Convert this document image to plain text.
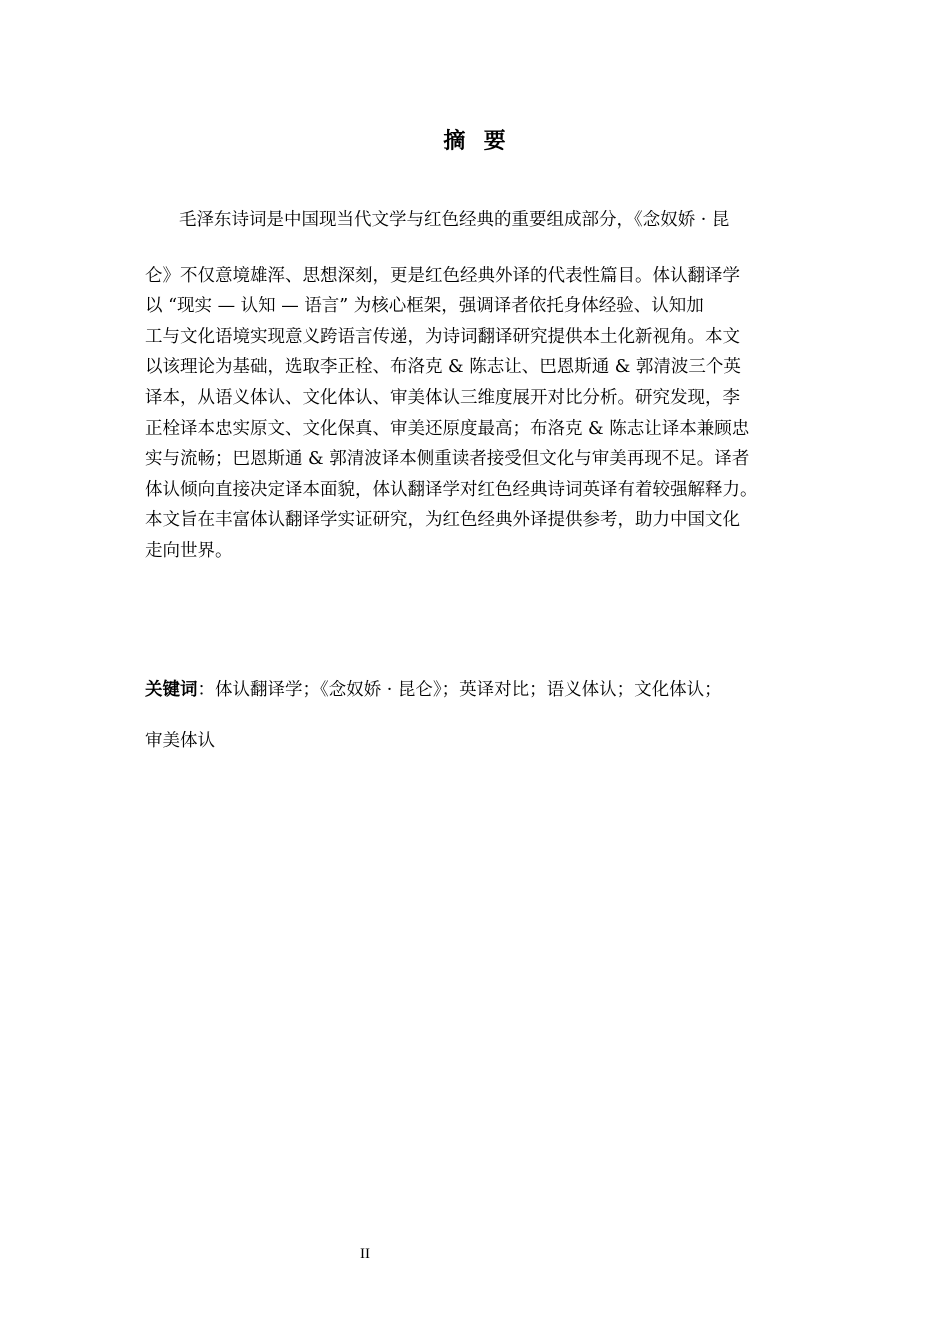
摘  要
毛泽东诗词是中国现当代文学与红色经典的重要组成部分，《念奴娇 · 昆
仑》不仅意境雄浑、思想深刻，更是红色经典外译的代表性篇目。体认翻译学
以 “现实 — 认知 — 语言” 为核心框架，强调译者依托身体经验、认知加
工与文化语境实现意义跨语言传递，为诗词翻译研究提供本土化新视角。本文
以该理论为基础，选取李正栓、布洛克 & 陈志让、巴恩斯通 & 郭清波三个英
译本，从语义体认、文化体认、审美体认三维度展开对比分析。研究发现，李
正栓译本忠实原文、文化保真、审美还原度最高；布洛克 & 陈志让译本兼顾忠
实与流畅；巴恩斯通 & 郭清波译本侧重读者接受但文化与审美再现不足。译者
体认倾向直接决定译本面貌，体认翻译学对红色经典诗词英译有着较强解释力。
本文旨在丰富体认翻译学实证研究，为红色经典外译提供参考，助力中国文化
走向世界。
关键词：体认翻译学；《念奴娇 · 昆仑》；英译对比；语义体认；文化体认；
审美体认
II
